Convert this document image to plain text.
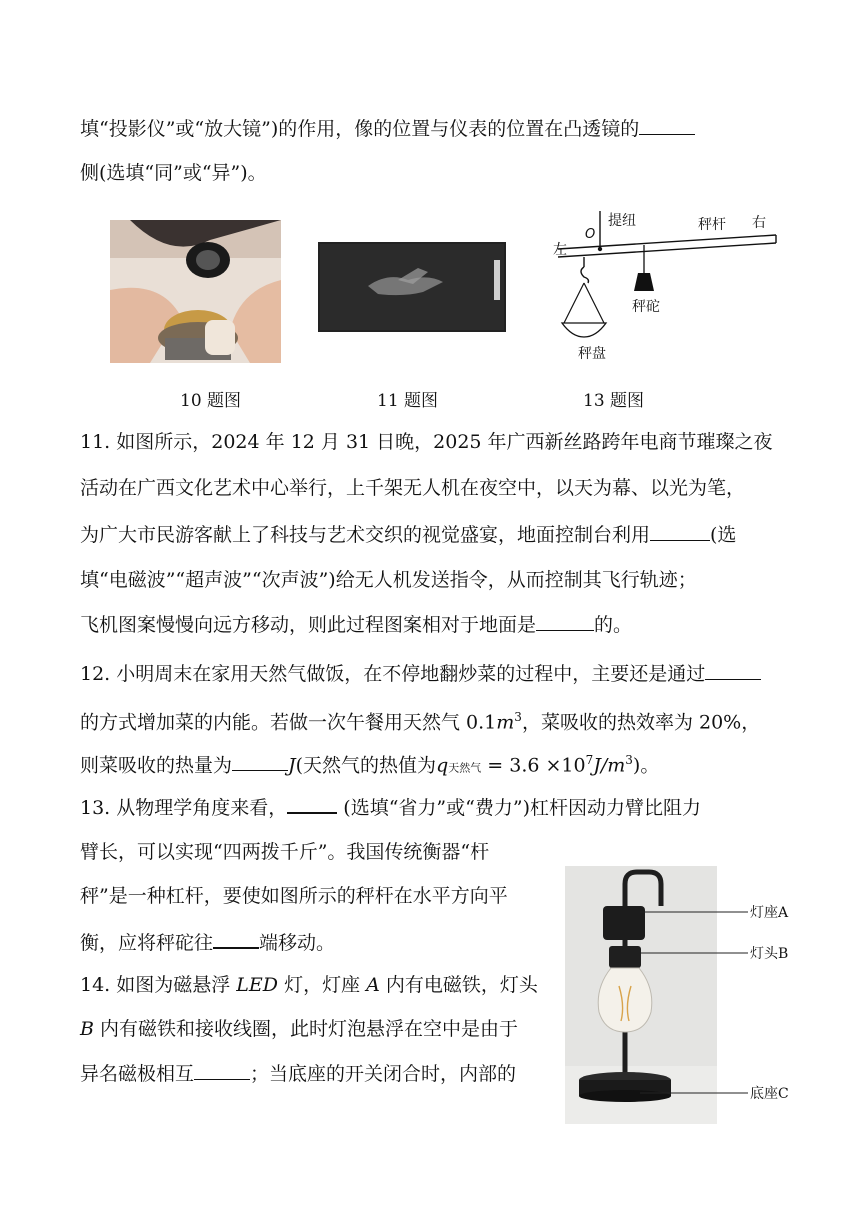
填“投影仪”或“放大镜”)的作用，像的位置与仪表的位置在凸透镜的
侧(选填“同”或“异”)。
提纽
O
秤杆 右
左
秤砣
秤盘
10 题图	11 题图	13 题图
11. 如图所示，2024 年 12 月 31 日晚，2025 年广西新丝路跨年电商节璀璨之夜
活动在广西文化艺术中心举行，上千架无人机在夜空中，以天为幕、以光为笔，
为广大市民游客献上了科技与艺术交织的视觉盛宴，地面控制台利用	(选
填“电磁波”“超声波”“次声波”)给无人机发送指令，从而控制其飞行轨迹；
飞机图案慢慢向远方移动，则此过程图案相对于地面是	的。
12. 小明周末在家用天然气做饭，在不停地翻炒菜的过程中，主要还是通过
的方式增加菜的内能。若做一次午餐用天然气 $0.1m^3$，菜吸收的热效率为 20%，
则菜吸收的热量为	J(天然气的热值为q天然气 = $3.6 \times 10^7J/m^3$)。
13. 从物理学角度来看，	(选填“省力”或“费力”)杠杆因动力臂比阻力
臂长，可以实现“四两拨千斤”。我国传统衡器“杆
秤”是一种杠杆，要使如图所示的秤杆在水平方向平
衡，应将秤砣往 端移动。
14. 如图为磁悬浮 LED 灯，灯座 A 内有电磁铁，灯头
B 内有磁铁和接收线圈，此时灯泡悬浮在空中是由于
异名磁极相互	；当底座的开关闭合时，内部的
灯座A
灯头B
底座C
